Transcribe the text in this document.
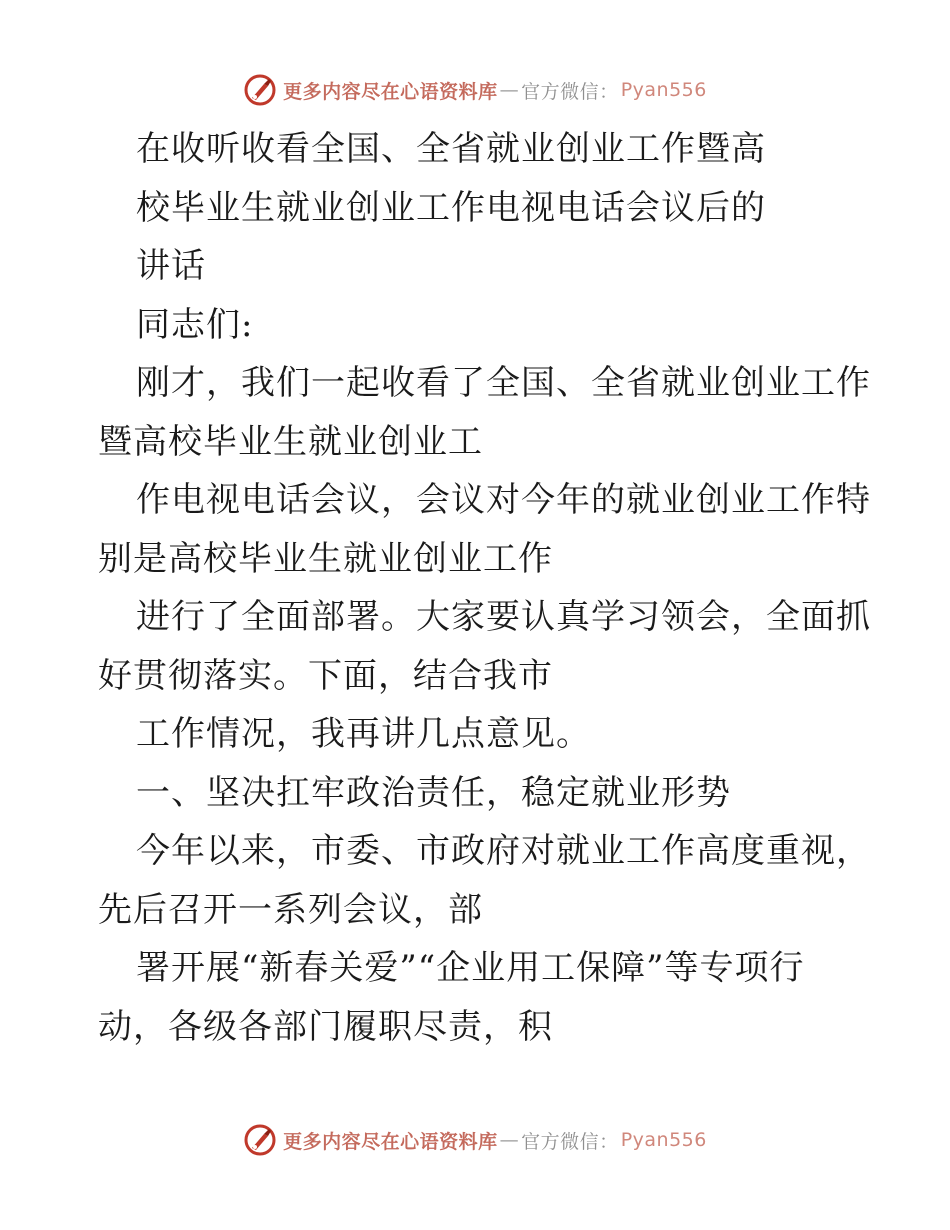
更多内容尽在心语资料库 — 官方微信： Pyan556
在收听收看全国、全省就业创业工作暨高
校毕业生就业创业工作电视电话会议后的
讲话
同志们:
刚才，我们一起收看了全国、全省就业创业工作
暨高校毕业生就业创业工
作电视电话会议，会议对今年的就业创业工作特
别是高校毕业生就业创业工作
进行了全面部署。大家要认真学习领会，全面抓
好贯彻落实。下面，结合我市
工作情况，我再讲几点意见。
一、坚决扛牢政治责任，稳定就业形势
今年以来，市委、市政府对就业工作高度重视，
先后召开一系列会议，部
署开展“新春关爱”“企业用工保障”等专项行
动，各级各部门履职尽责，积
更多内容尽在心语资料库 — 官方微信： Pyan556
